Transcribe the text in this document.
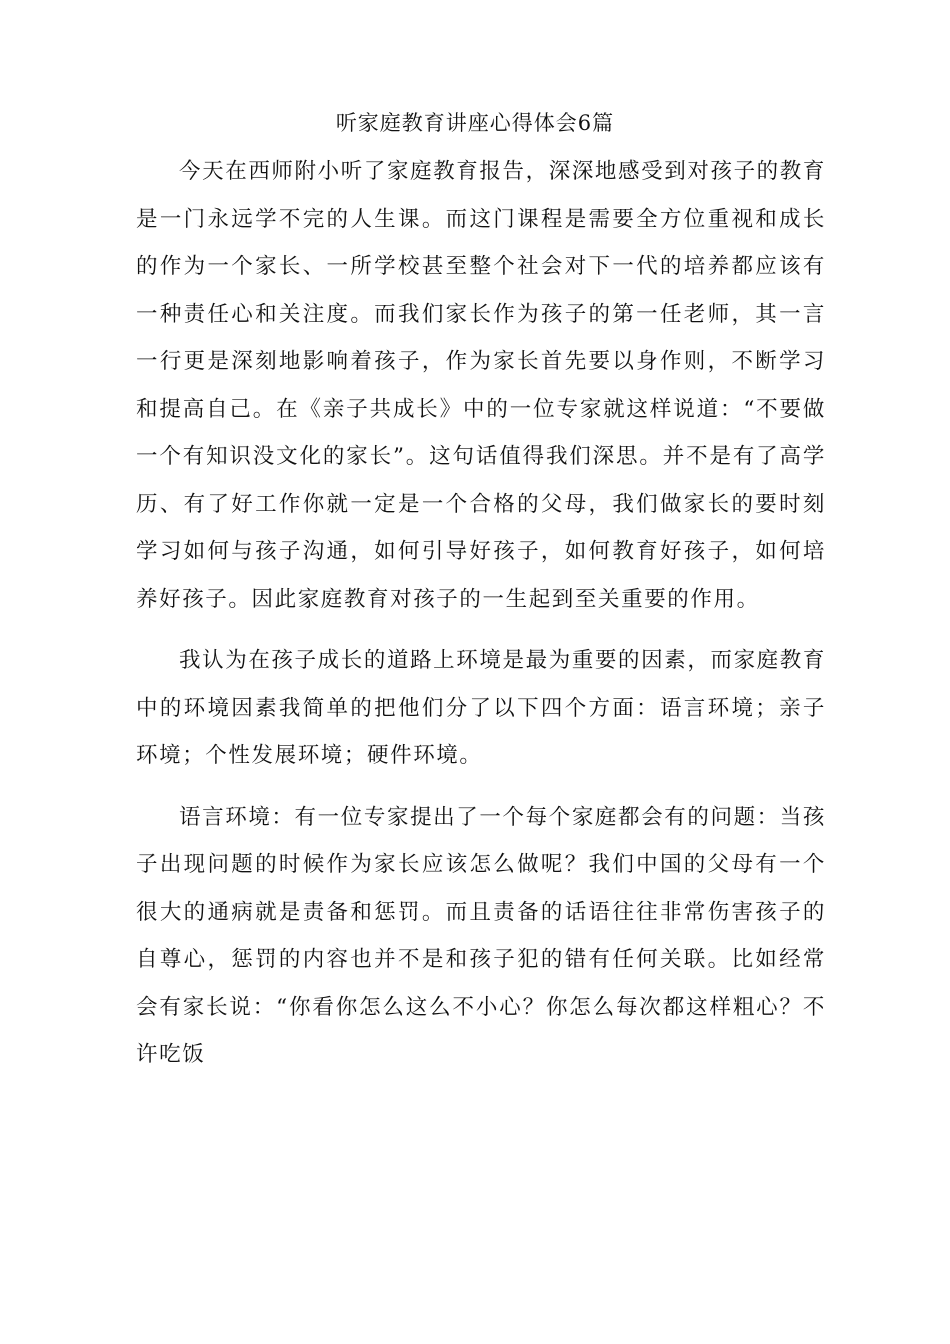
听家庭教育讲座心得体会6篇

今天在西师附小听了家庭教育报告，深深地感受到对孩子的教育是一门永远学不完的人生课。而这门课程是需要全方位重视和成长的作为一个家长、一所学校甚至整个社会对下一代的培养都应该有一种责任心和关注度。而我们家长作为孩子的第一任老师，其一言一行更是深刻地影响着孩子，作为家长首先要以身作则，不断学习和提高自己。在《亲子共成长》中的一位专家就这样说道：“不要做一个有知识没文化的家长”。这句话值得我们深思。并不是有了高学历、有了好工作你就一定是一个合格的父母，我们做家长的要时刻学习如何与孩子沟通，如何引导好孩子，如何教育好孩子，如何培养好孩子。因此家庭教育对孩子的一生起到至关重要的作用。

我认为在孩子成长的道路上环境是最为重要的因素，而家庭教育中的环境因素我简单的把他们分了以下四个方面：语言环境；亲子环境；个性发展环境；硬件环境。

语言环境：有一位专家提出了一个每个家庭都会有的问题：当孩子出现问题的时候作为家长应该怎么做呢？我们中国的父母有一个很大的通病就是责备和惩罚。而且责备的话语往往非常伤害孩子的自尊心，惩罚的内容也并不是和孩子犯的错有任何关联。比如经常会有家长说：“你看你怎么这么不小心？你怎么每次都这样粗心？不许吃饭
